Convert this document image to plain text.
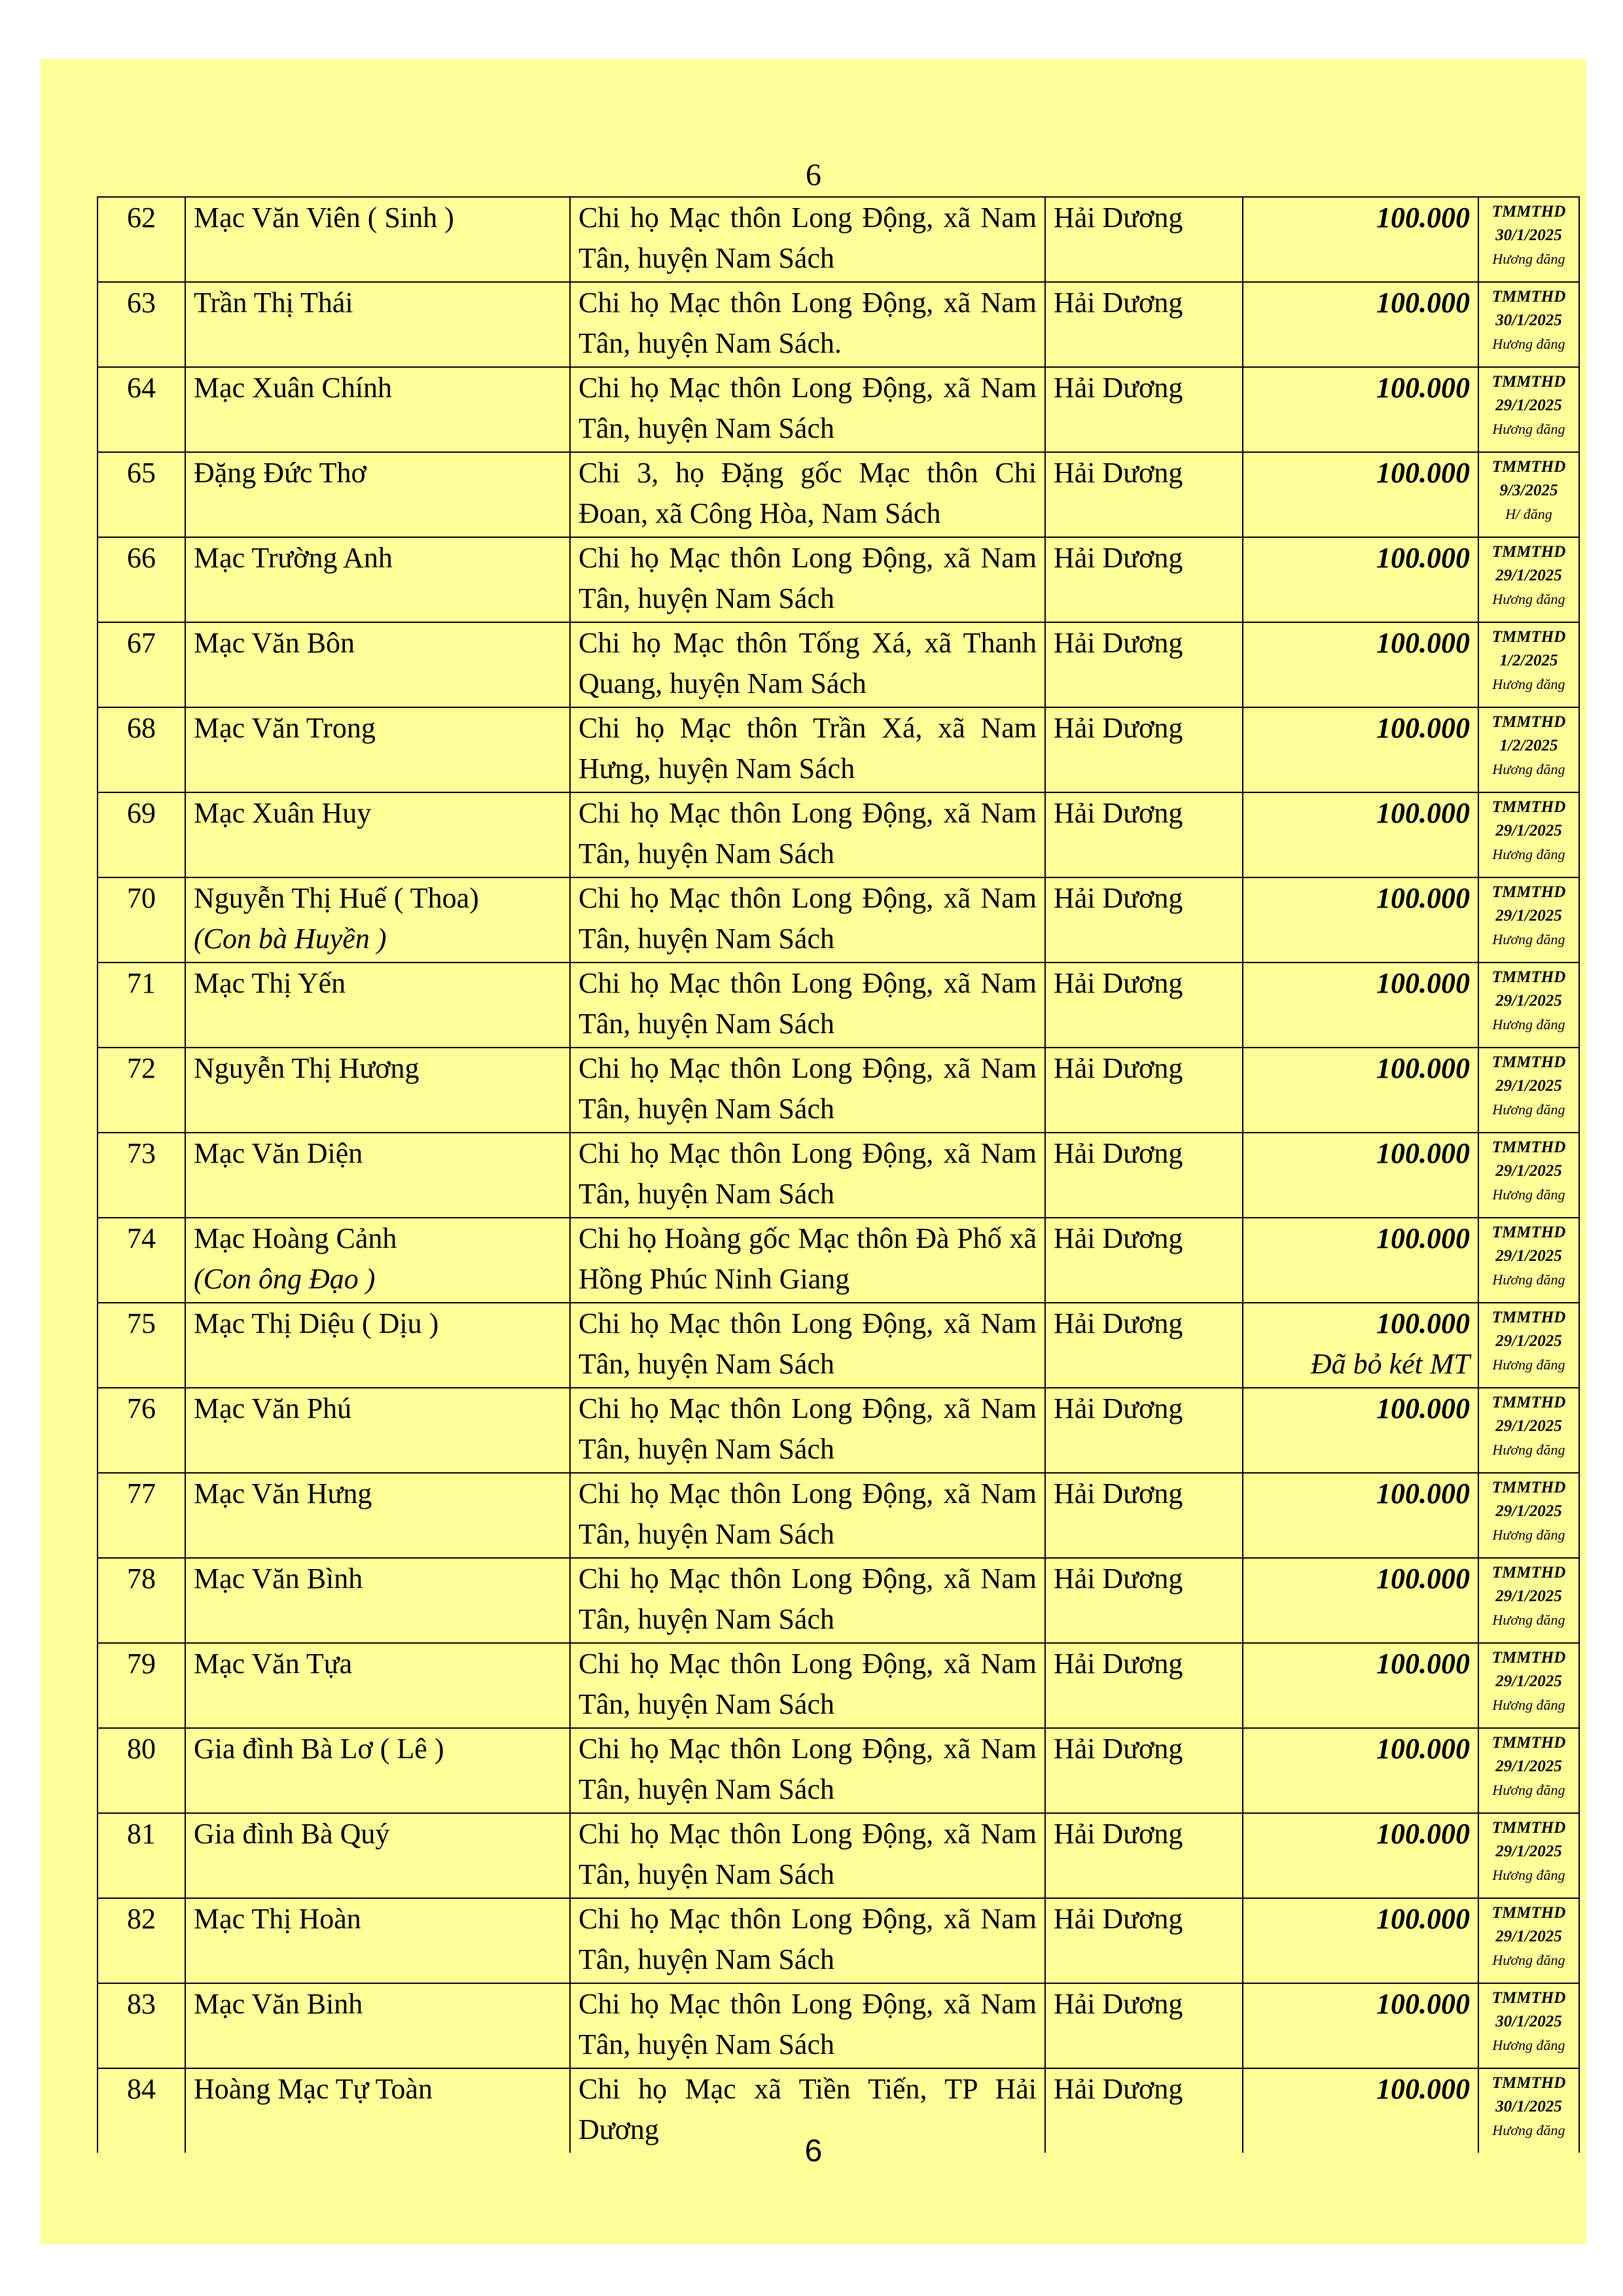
6
62	Mạc Văn Viên ( Sinh )	Chi họ Mạc thôn Long Động, xã Nam Tân, huyện Nam Sách	Hải Dương	100.000	TMMTHD
30/1/2025
Hương đăng

63	Trần Thị Thái	Chi họ Mạc thôn Long Động, xã Nam Tân, huyện Nam Sách.	Hải Dương	100.000	TMMTHD
30/1/2025
Hương đăng

64	Mạc Xuân Chính	Chi họ Mạc thôn Long Động, xã Nam Tân, huyện Nam Sách	Hải Dương	100.000	TMMTHD
29/1/2025
Hương đăng

65	Đặng Đức Thơ	Chi 3, họ Đặng gốc Mạc thôn Chi Đoan, xã Công Hòa, Nam Sách	Hải Dương	100.000	TMMTHD
9/3/2025
H/ đăng

66	Mạc Trường Anh	Chi họ Mạc thôn Long Động, xã Nam Tân, huyện Nam Sách	Hải Dương	100.000	TMMTHD
29/1/2025
Hương đăng

67	Mạc Văn Bôn	Chi họ Mạc thôn Tống Xá, xã Thanh Quang, huyện Nam Sách	Hải Dương	100.000	TMMTHD
1/2/2025
Hương đăng

68	Mạc Văn Trong	Chi họ Mạc thôn Trần Xá, xã Nam Hưng, huyện Nam Sách	Hải Dương	100.000	TMMTHD
1/2/2025
Hương đăng

69	Mạc Xuân Huy	Chi họ Mạc thôn Long Động, xã Nam Tân, huyện Nam Sách	Hải Dương	100.000	TMMTHD
29/1/2025
Hương đăng

70	Nguyễn Thị Huế ( Thoa)
(Con bà Huyền )	Chi họ Mạc thôn Long Động, xã Nam Tân, huyện Nam Sách	Hải Dương	100.000	TMMTHD
29/1/2025
Hương đăng

71	Mạc Thị Yến	Chi họ Mạc thôn Long Động, xã Nam Tân, huyện Nam Sách	Hải Dương	100.000	TMMTHD
29/1/2025
Hương đăng

72	Nguyễn Thị Hương	Chi họ Mạc thôn Long Động, xã Nam Tân, huyện Nam Sách	Hải Dương	100.000	TMMTHD
29/1/2025
Hương đăng

73	Mạc Văn Diện	Chi họ Mạc thôn Long Động, xã Nam Tân, huyện Nam Sách	Hải Dương	100.000	TMMTHD
29/1/2025
Hương đăng

74	Mạc Hoàng Cảnh
(Con ông Đạo )	Chi họ Hoàng gốc Mạc thôn Đà Phố xã Hồng Phúc Ninh Giang	Hải Dương	100.000	TMMTHD
29/1/2025
Hương đăng

75	Mạc Thị Diệu ( Dịu )	Chi họ Mạc thôn Long Động, xã Nam Tân, huyện Nam Sách	Hải Dương	100.000
Đã bỏ két MT	TMMTHD
29/1/2025
Hương đăng

76	Mạc Văn Phú	Chi họ Mạc thôn Long Động, xã Nam Tân, huyện Nam Sách	Hải Dương	100.000	TMMTHD
29/1/2025
Hương đăng

77	Mạc Văn Hưng	Chi họ Mạc thôn Long Động, xã Nam Tân, huyện Nam Sách	Hải Dương	100.000	TMMTHD
29/1/2025
Hương đăng

78	Mạc Văn Bình	Chi họ Mạc thôn Long Động, xã Nam Tân, huyện Nam Sách	Hải Dương	100.000	TMMTHD
29/1/2025
Hương đăng

79	Mạc Văn Tựa	Chi họ Mạc thôn Long Động, xã Nam Tân, huyện Nam Sách	Hải Dương	100.000	TMMTHD
29/1/2025
Hương đăng

80	Gia đình Bà Lơ ( Lê )	Chi họ Mạc thôn Long Động, xã Nam Tân, huyện Nam Sách	Hải Dương	100.000	TMMTHD
29/1/2025
Hương đăng

81	Gia đình Bà Quý	Chi họ Mạc thôn Long Động, xã Nam Tân, huyện Nam Sách	Hải Dương	100.000	TMMTHD
29/1/2025
Hương đăng

82	Mạc Thị Hoàn	Chi họ Mạc thôn Long Động, xã Nam Tân, huyện Nam Sách	Hải Dương	100.000	TMMTHD
29/1/2025
Hương đăng

83	Mạc Văn Binh	Chi họ Mạc thôn Long Động, xã Nam Tân, huyện Nam Sách	Hải Dương	100.000	TMMTHD
30/1/2025
Hương đăng

84	Hoàng Mạc Tự Toàn	Chi họ Mạc xã Tiền Tiến, TP Hải Dương	Hải Dương	100.000	TMMTHD
30/1/2025
Hương đăng
6
